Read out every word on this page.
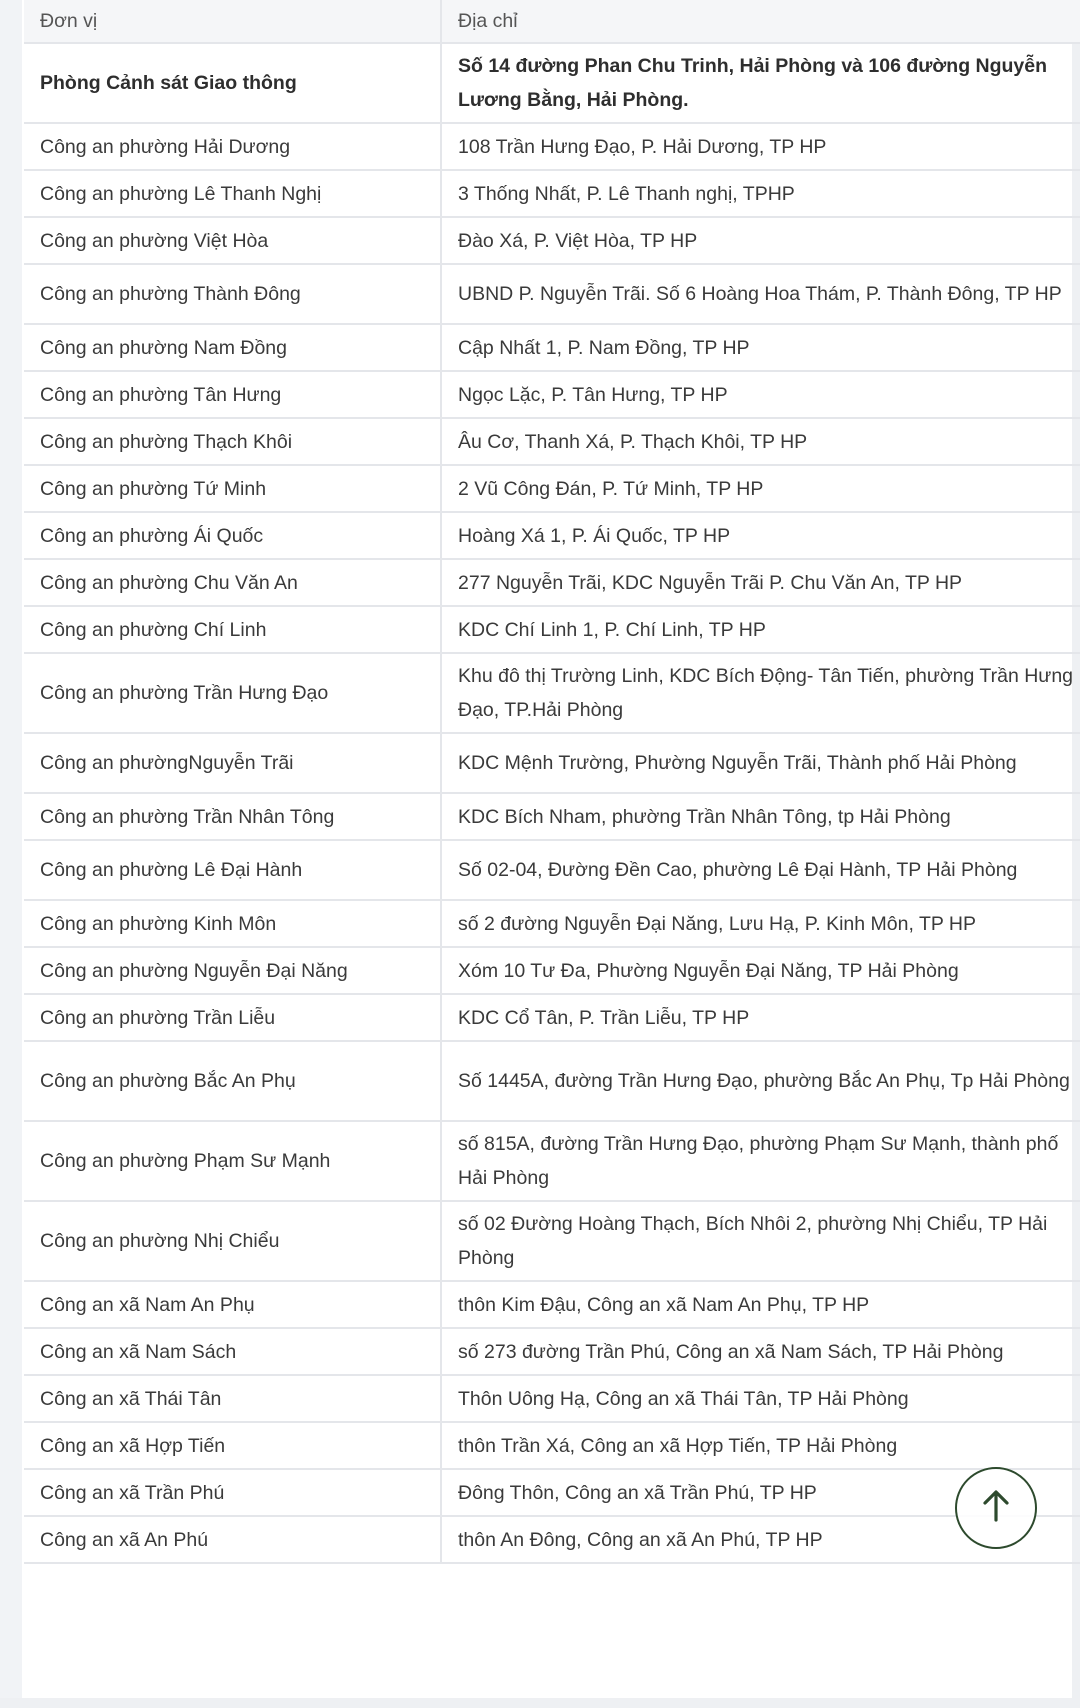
Đơn vị	Địa chỉ
Phòng Cảnh sát Giao thông	Số 14 đường Phan Chu Trinh, Hải Phòng và 106 đường Nguyễn Lương Bằng, Hải Phòng.
Công an phường Hải Dương	108 Trần Hưng Đạo, P. Hải Dương, TP HP
Công an phường Lê Thanh Nghị	3 Thống Nhất, P. Lê Thanh nghị, TPHP
Công an phường Việt Hòa	Đào Xá, P. Việt Hòa, TP HP
Công an phường Thành Đông	UBND P. Nguyễn Trãi. Số 6 Hoàng Hoa Thám, P. Thành Đông, TP HP
Công an phường Nam Đồng	Cập Nhất 1, P. Nam Đồng, TP HP
Công an phường Tân Hưng	Ngọc Lặc, P. Tân Hưng, TP HP
Công an phường Thạch Khôi	Âu Cơ, Thanh Xá, P. Thạch Khôi, TP HP
Công an phường Tứ Minh	2 Vũ Công Đán, P. Tứ Minh, TP HP
Công an phường Ái Quốc	Hoàng Xá 1, P. Ái Quốc, TP HP
Công an phường Chu Văn An	277 Nguyễn Trãi, KDC Nguyễn Trãi P. Chu Văn An, TP HP
Công an phường Chí Linh	KDC Chí Linh 1, P. Chí Linh, TP HP
Công an phường Trần Hưng Đạo	Khu đô thị Trường Linh, KDC Bích Động- Tân Tiến, phường Trần Hưng Đạo, TP.Hải Phòng
Công an phườngNguyễn Trãi	KDC Mệnh Trường, Phường Nguyễn Trãi, Thành phố Hải Phòng
Công an phường Trần Nhân Tông	KDC Bích Nham, phường Trần Nhân Tông, tp Hải Phòng
Công an phường Lê Đại Hành	Số 02-04, Đường Đền Cao, phường Lê Đại Hành, TP Hải Phòng
Công an phường Kinh Môn	số 2 đường Nguyễn Đại Năng, Lưu Hạ, P. Kinh Môn, TP HP
Công an phường Nguyễn Đại Năng	Xóm 10 Tư Đa, Phường Nguyễn Đại Năng, TP Hải Phòng
Công an phường Trần Liễu	KDC Cổ Tân, P. Trần Liễu, TP HP
Công an phường Bắc An Phụ	Số 1445A, đường Trần Hưng Đạo, phường Bắc An Phụ, Tp Hải Phòng
Công an phường Phạm Sư Mạnh	số 815A, đường Trần Hưng Đạo, phường Phạm Sư Mạnh, thành phố Hải Phòng
Công an phường Nhị Chiểu	số 02 Đường Hoàng Thạch, Bích Nhôi 2, phường Nhị Chiểu, TP Hải Phòng
Công an xã Nam An Phụ	thôn Kim Đậu, Công an xã Nam An Phụ, TP HP
Công an xã Nam Sách	số 273 đường Trần Phú, Công an xã Nam Sách, TP Hải Phòng
Công an xã Thái Tân	Thôn Uông Hạ, Công an xã Thái Tân, TP Hải Phòng
Công an xã Hợp Tiến	thôn Trần Xá, Công an xã Hợp Tiến, TP Hải Phòng
Công an xã Trần Phú	Đông Thôn, Công an xã Trần Phú, TP HP
Công an xã An Phú	thôn An Đông, Công an xã An Phú, TP HP
